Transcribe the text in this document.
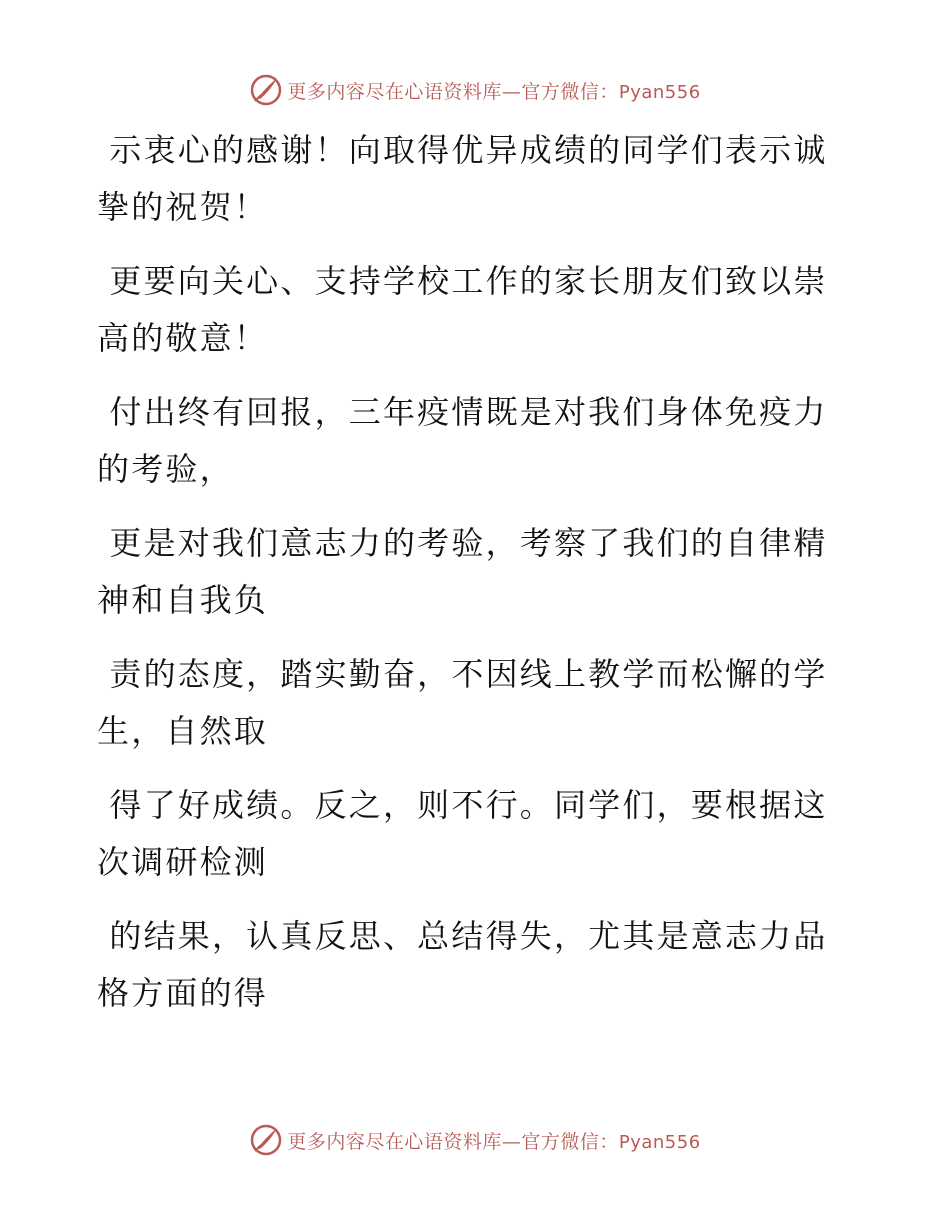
更多内容尽在心语资料库—官方微信：Pyan556

示衷心的感谢！向取得优异成绩的同学们表示诚
挚的祝贺！

更要向关心、支持学校工作的家长朋友们致以崇
高的敬意！

付出终有回报，三年疫情既是对我们身体免疫力
的考验，

更是对我们意志力的考验，考察了我们的自律精
神和自我负

责的态度，踏实勤奋，不因线上教学而松懈的学
生，自然取

得了好成绩。反之，则不行。同学们，要根据这
次调研检测

的结果，认真反思、总结得失，尤其是意志力品
格方面的得

更多内容尽在心语资料库—官方微信：Pyan556
